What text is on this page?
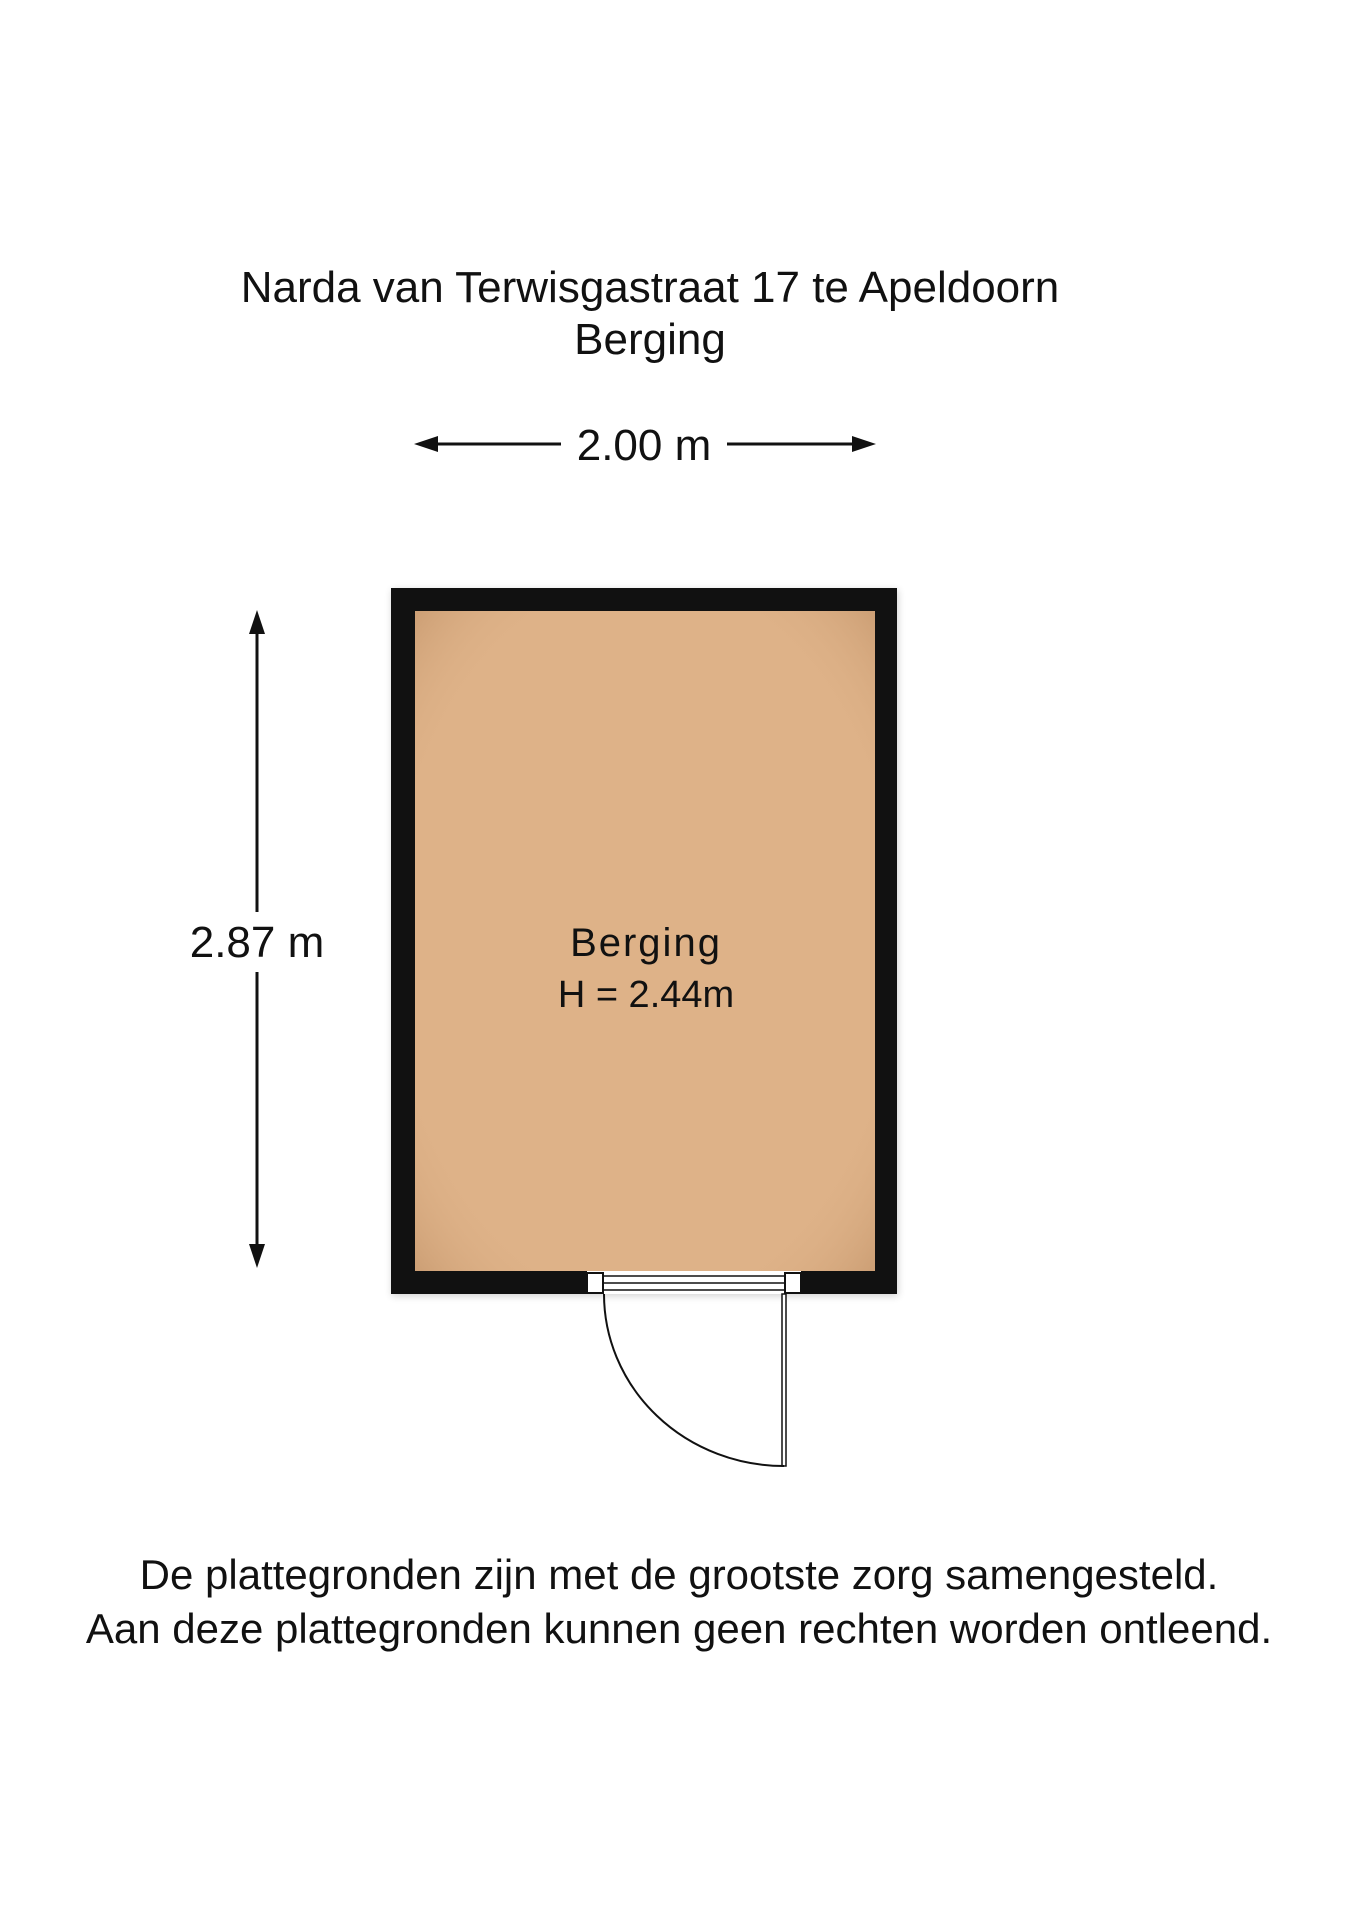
Narda van Terwisgastraat 17 te Apeldoorn
Berging
2.00 m
2.87 m	Berging
H = 2.44m
De plattegronden zijn met de grootste zorg samengesteld.
Aan deze plattegronden kunnen geen rechten worden ontleend.
